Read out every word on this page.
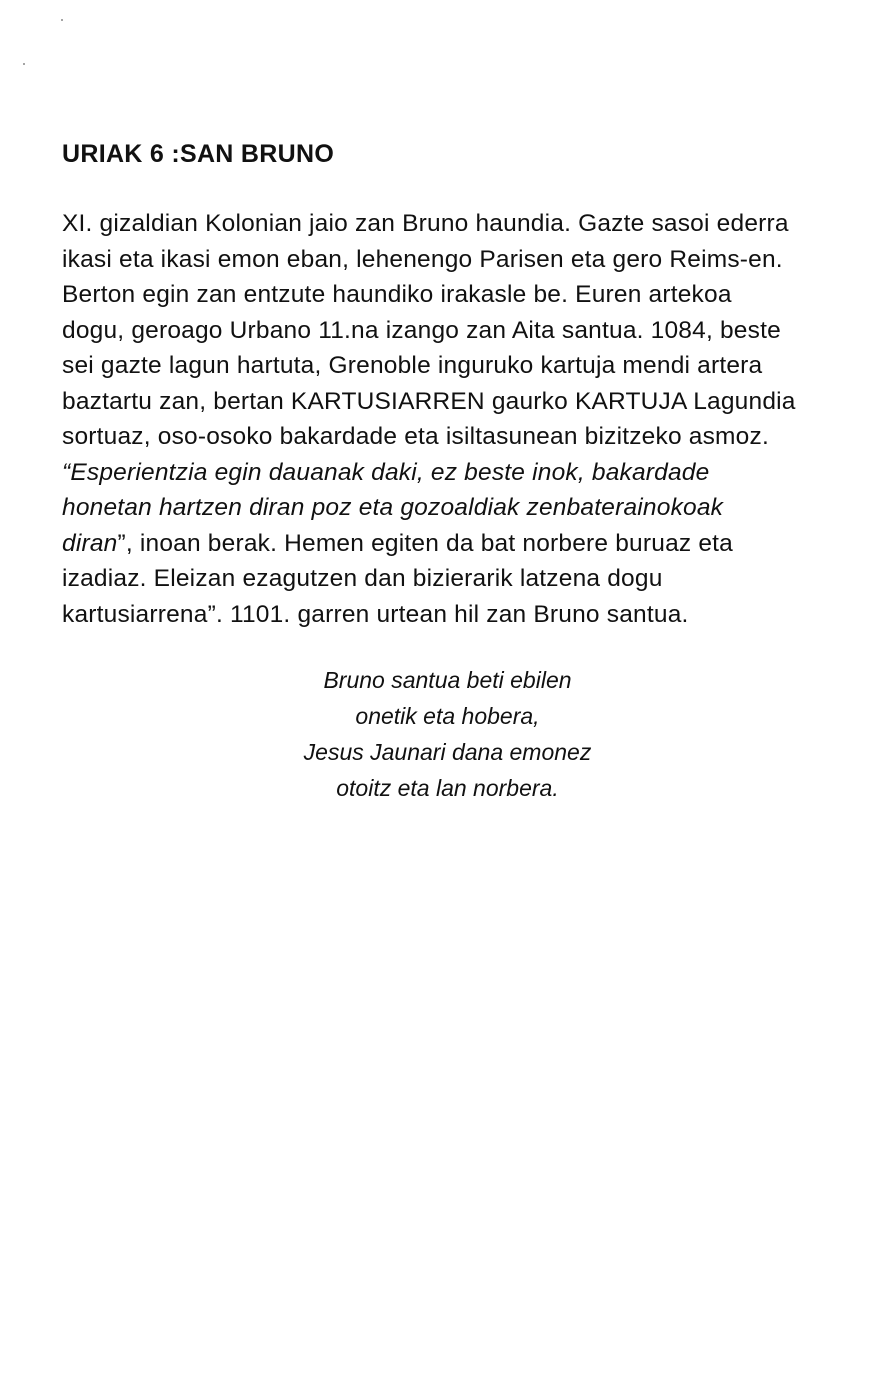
URIAK 6 :SAN BRUNO

XI. gizaldian Kolonian jaio zan Bruno haundia. Gazte sasoi ederra
ikasi eta ikasi emon eban, lehenengo Parisen eta gero Reims-en.
Berton egin zan entzute haundiko irakasle be. Euren artekoa
dogu, geroago Urbano 11.na izango zan Aita santua. 1084, beste
sei gazte lagun hartuta, Grenoble inguruko kartuja mendi artera
baztartu zan, bertan KARTUSIARREN gaurko KARTUJA Lagundia
sortuaz, oso-osoko bakardade eta isiltasunean bizitzeko asmoz.
“Esperientzia egin dauanak daki, ez beste inok, bakardade
honetan hartzen diran poz eta gozoaldiak zenbaterainokoak
diran”, inoan berak. Hemen egiten da bat norbere buruaz eta
izadiaz. Eleizan ezagutzen dan bizierarik latzena dogu
kartusiarrena”. 1101. garren urtean hil zan Bruno santua.

Bruno santua beti ebilen
onetik eta hobera,
Jesus Jaunari dana emonez
otoitz eta lan norbera.
